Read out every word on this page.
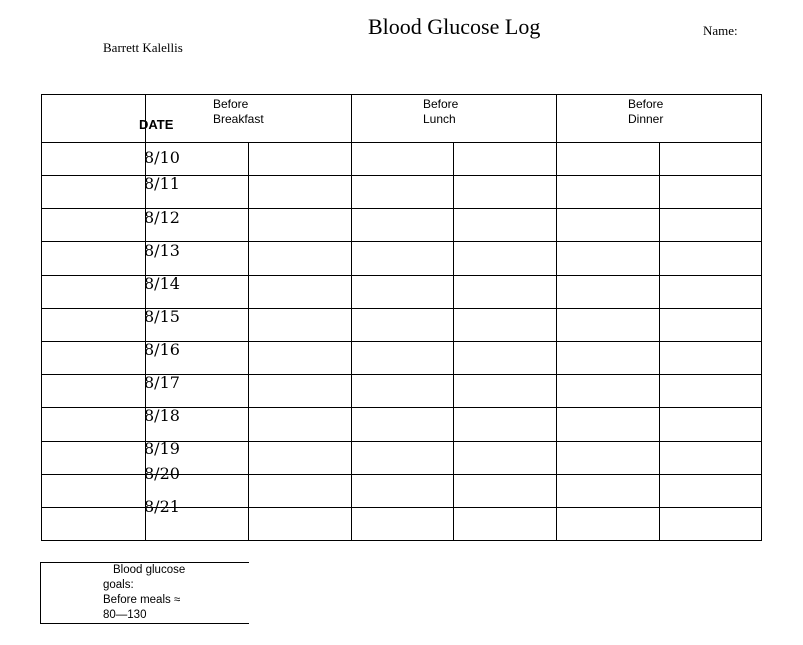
Blood Glucose Log	Name:
Barrett Kalellis
DATE
Before
Breakfast
Before
Lunch
Before
Dinner
8/10
8/11
8/12
8/13
8/14
8/15
8/16
8/17
8/18
8/19
8/20
8/21
Blood glucose
goals:
Before meals ≈
80—130
